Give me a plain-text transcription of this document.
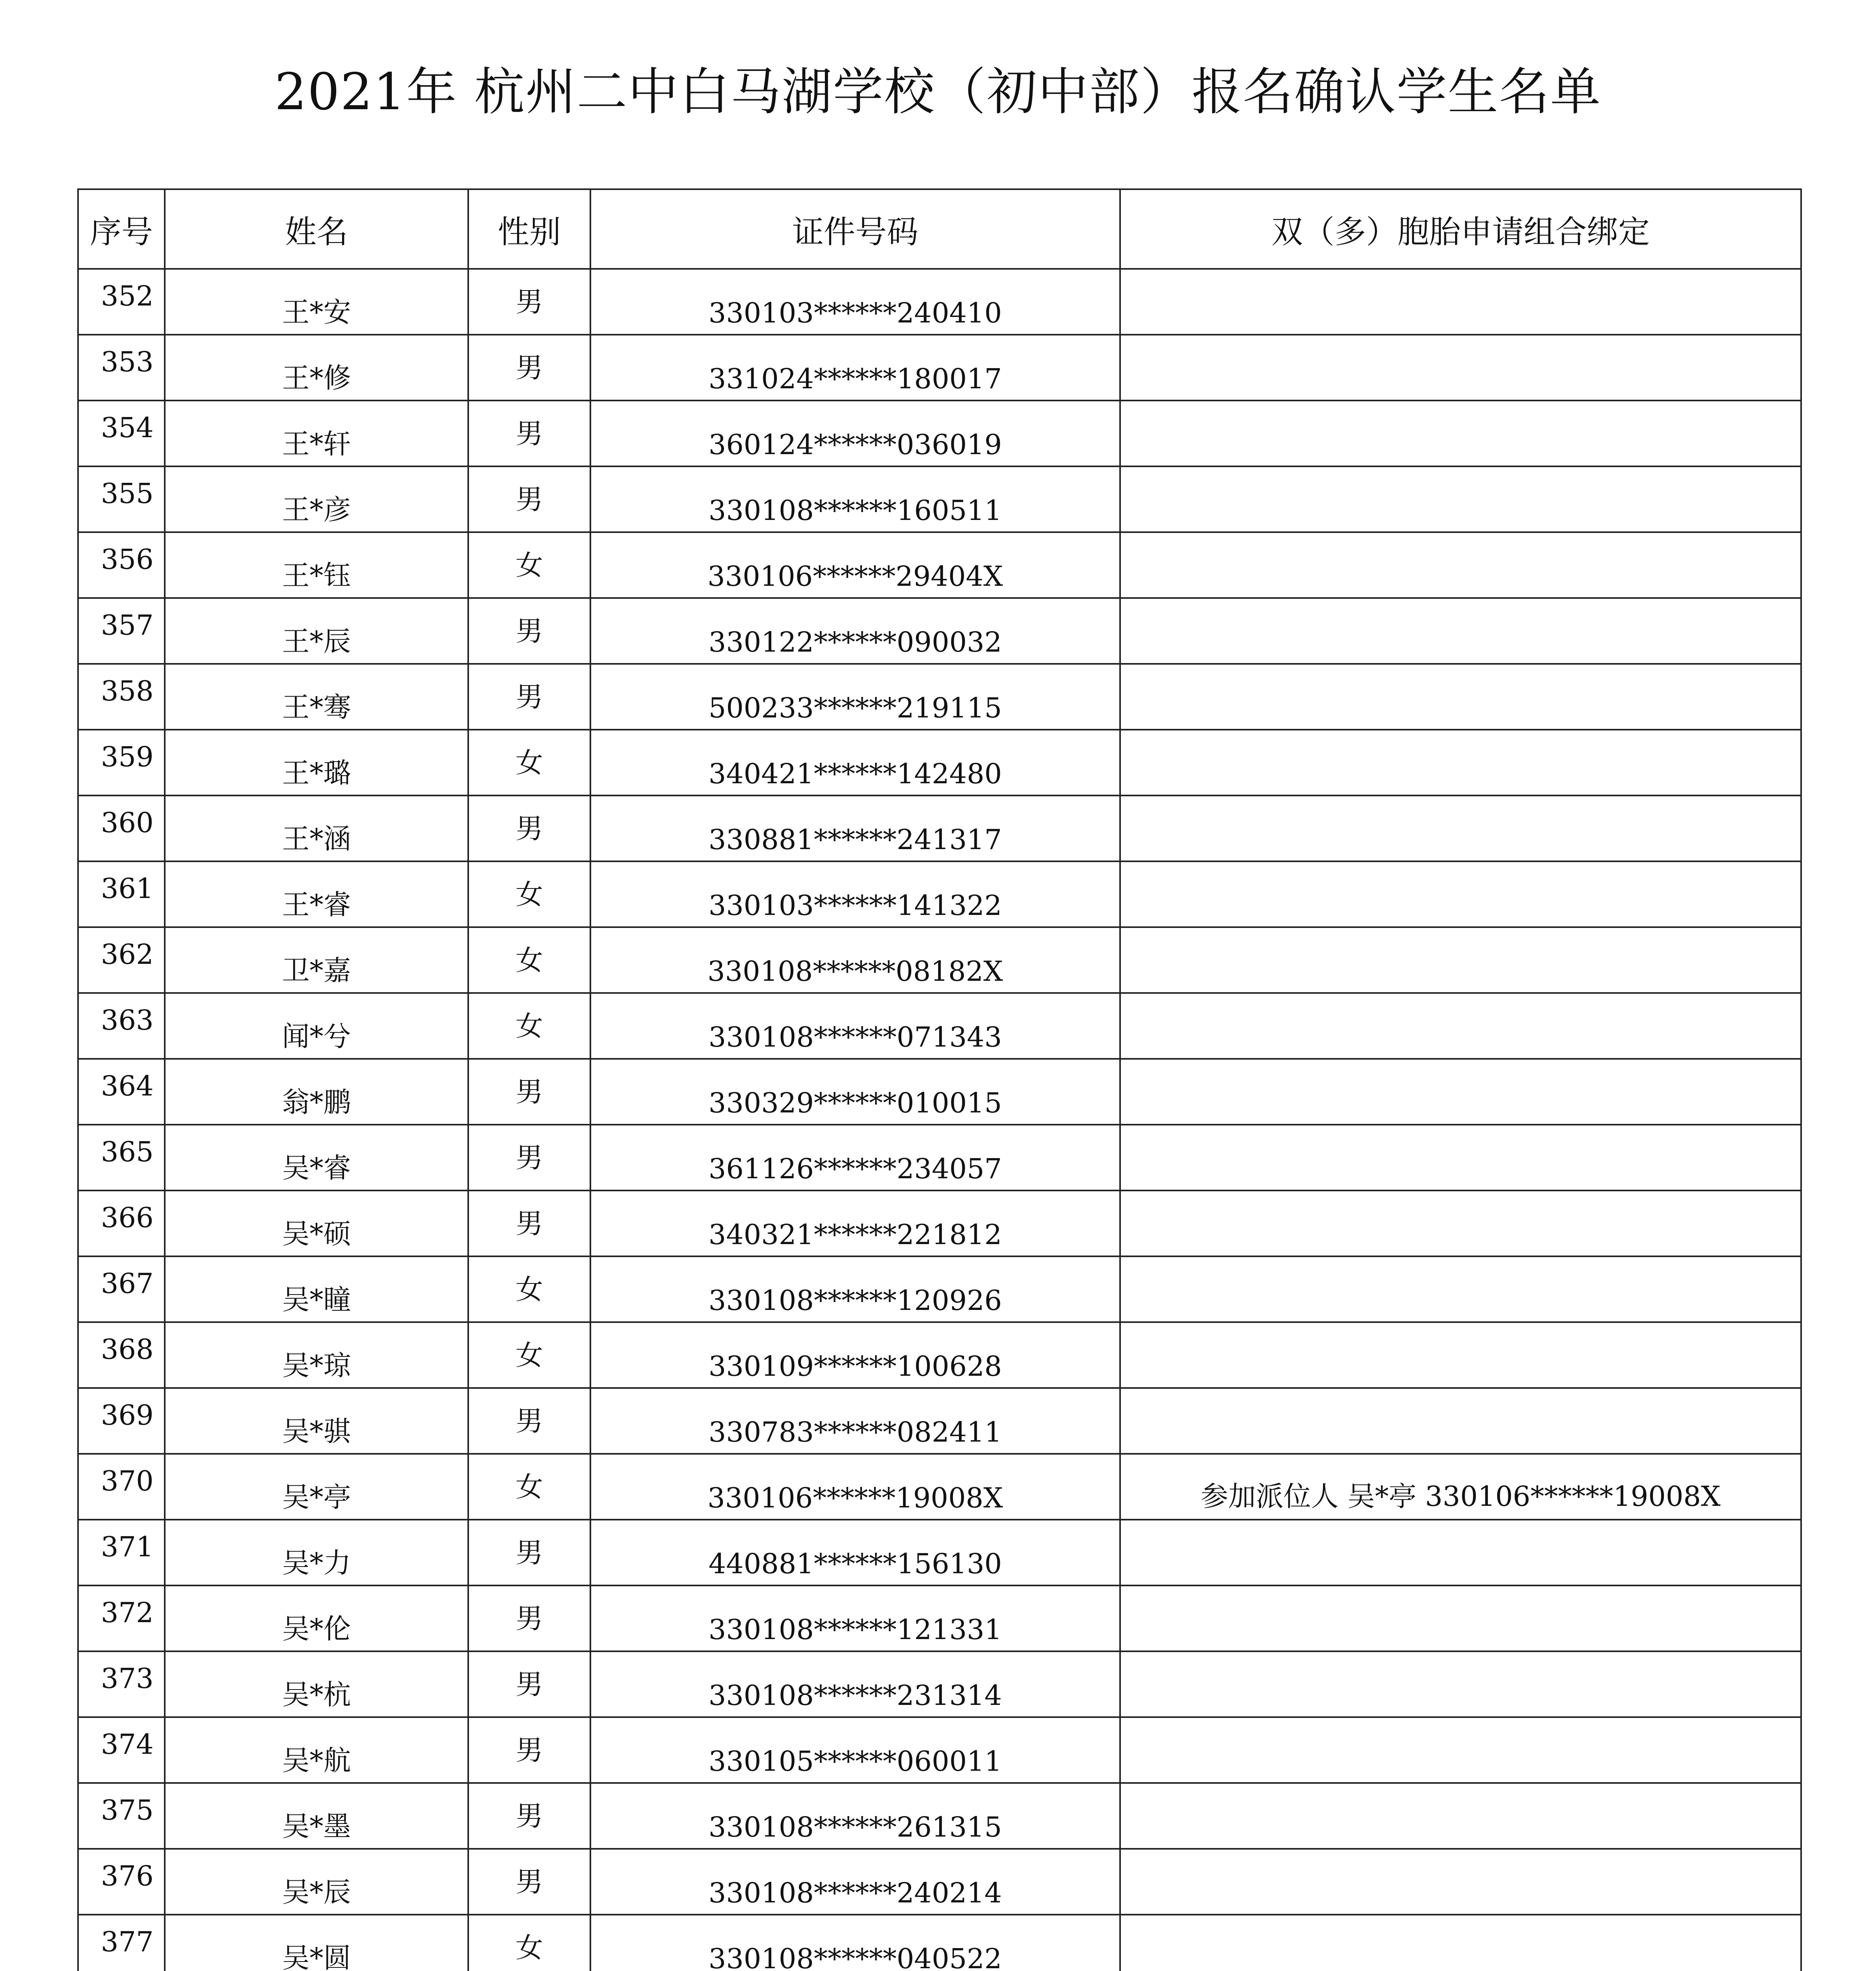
2021年 杭州二中白马湖学校（初中部）报名确认学生名单
序号	姓名	性别	证件号码	双（多）胞胎申请组合绑定
352	王*安	男	330103******240410	
353	王*修	男	331024******180017	
354	王*轩	男	360124******036019	
355	王*彦	男	330108******160511	
356	王*钰	女	330106******29404X	
357	王*辰	男	330122******090032	
358	王*骞	男	500233******219115	
359	王*璐	女	340421******142480	
360	王*涵	男	330881******241317	
361	王*睿	女	330103******141322	
362	卫*嘉	女	330108******08182X	
363	闻*兮	女	330108******071343	
364	翁*鹏	男	330329******010015	
365	吴*睿	男	361126******234057	
366	吴*硕	男	340321******221812	
367	吴*瞳	女	330108******120926	
368	吴*琼	女	330109******100628	
369	吴*骐	男	330783******082411	
370	吴*亭	女	330106******19008X	参加派位人 吴*亭 330106******19008X
371	吴*力	男	440881******156130	
372	吴*伦	男	330108******121331	
373	吴*杭	男	330108******231314	
374	吴*航	男	330105******060011	
375	吴*墨	男	330108******261315	
376	吴*辰	男	330108******240214	
377	吴*圆	女	330108******040522	
